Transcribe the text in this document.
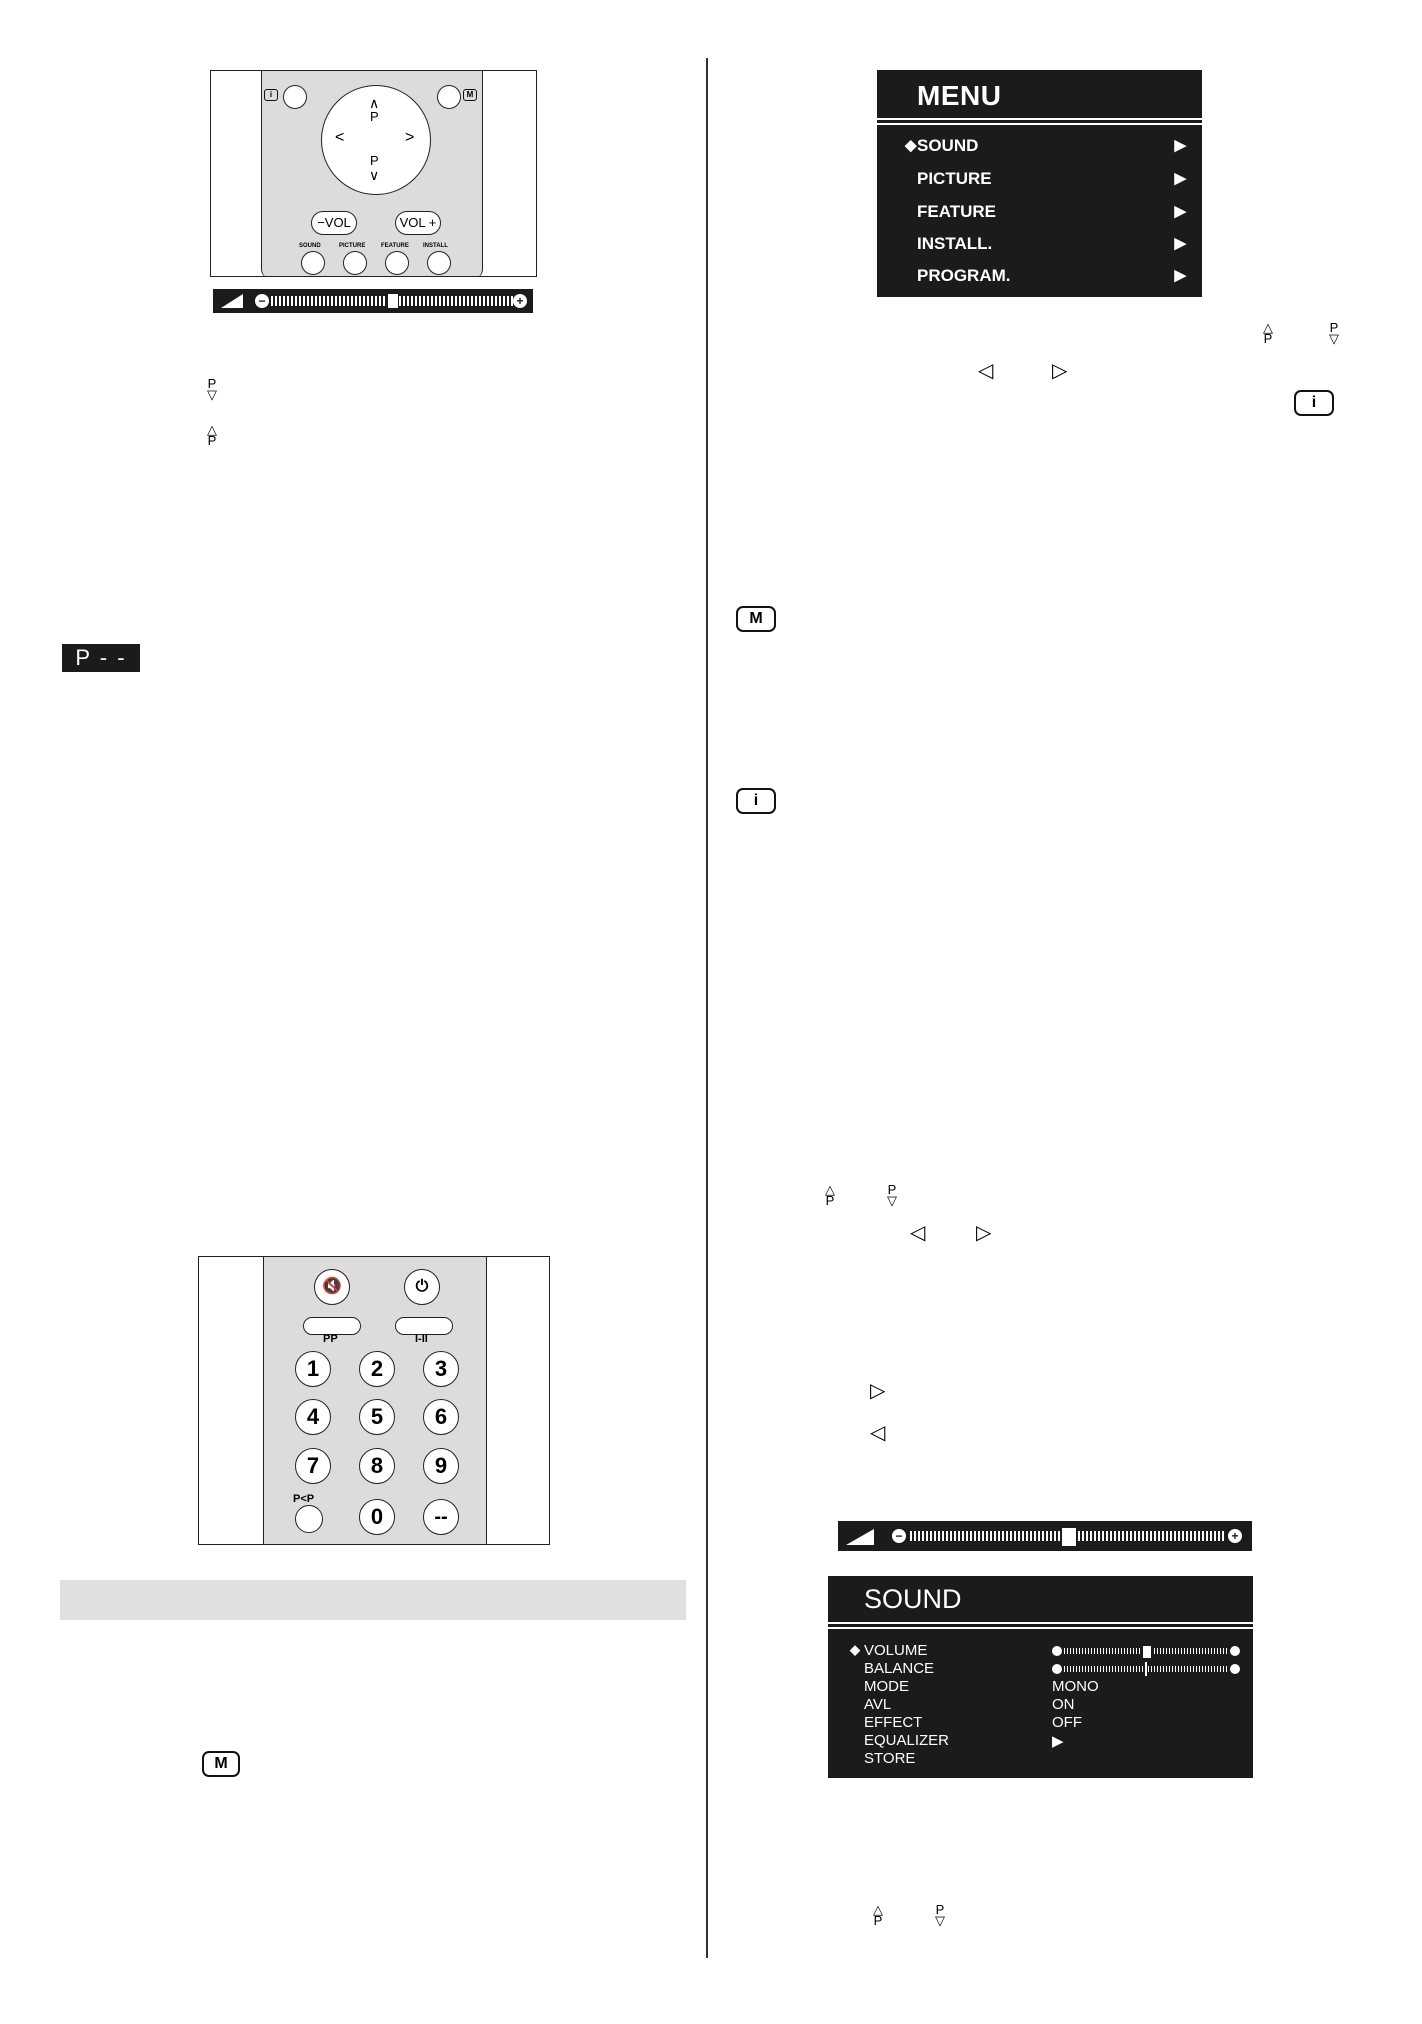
i	M
∧
P
P
∨
<	>
−VOL	VOL +
SOUND	PICTURE	FEATURE INSTALL
−	+
P
▽
△
P
P - -
🔇	⏻
PP	I-II
1	2	3
4	5	6
7	8	9
P<P
0	--
M
MENU
◆ SOUND	▶
PICTURE	▶
FEATURE	▶
INSTALL.	▶
PROGRAM.	▶
△
P
P
▽
◁	▷
i
M
i
△
P
P
▽
◁	▷
▷
◁
−	+
SOUND
◆ VOLUME
BALANCE
MODE	MONO
AVL	ON
EFFECT	OFF
EQUALIZER	▶
STORE
△
P
P
▽
